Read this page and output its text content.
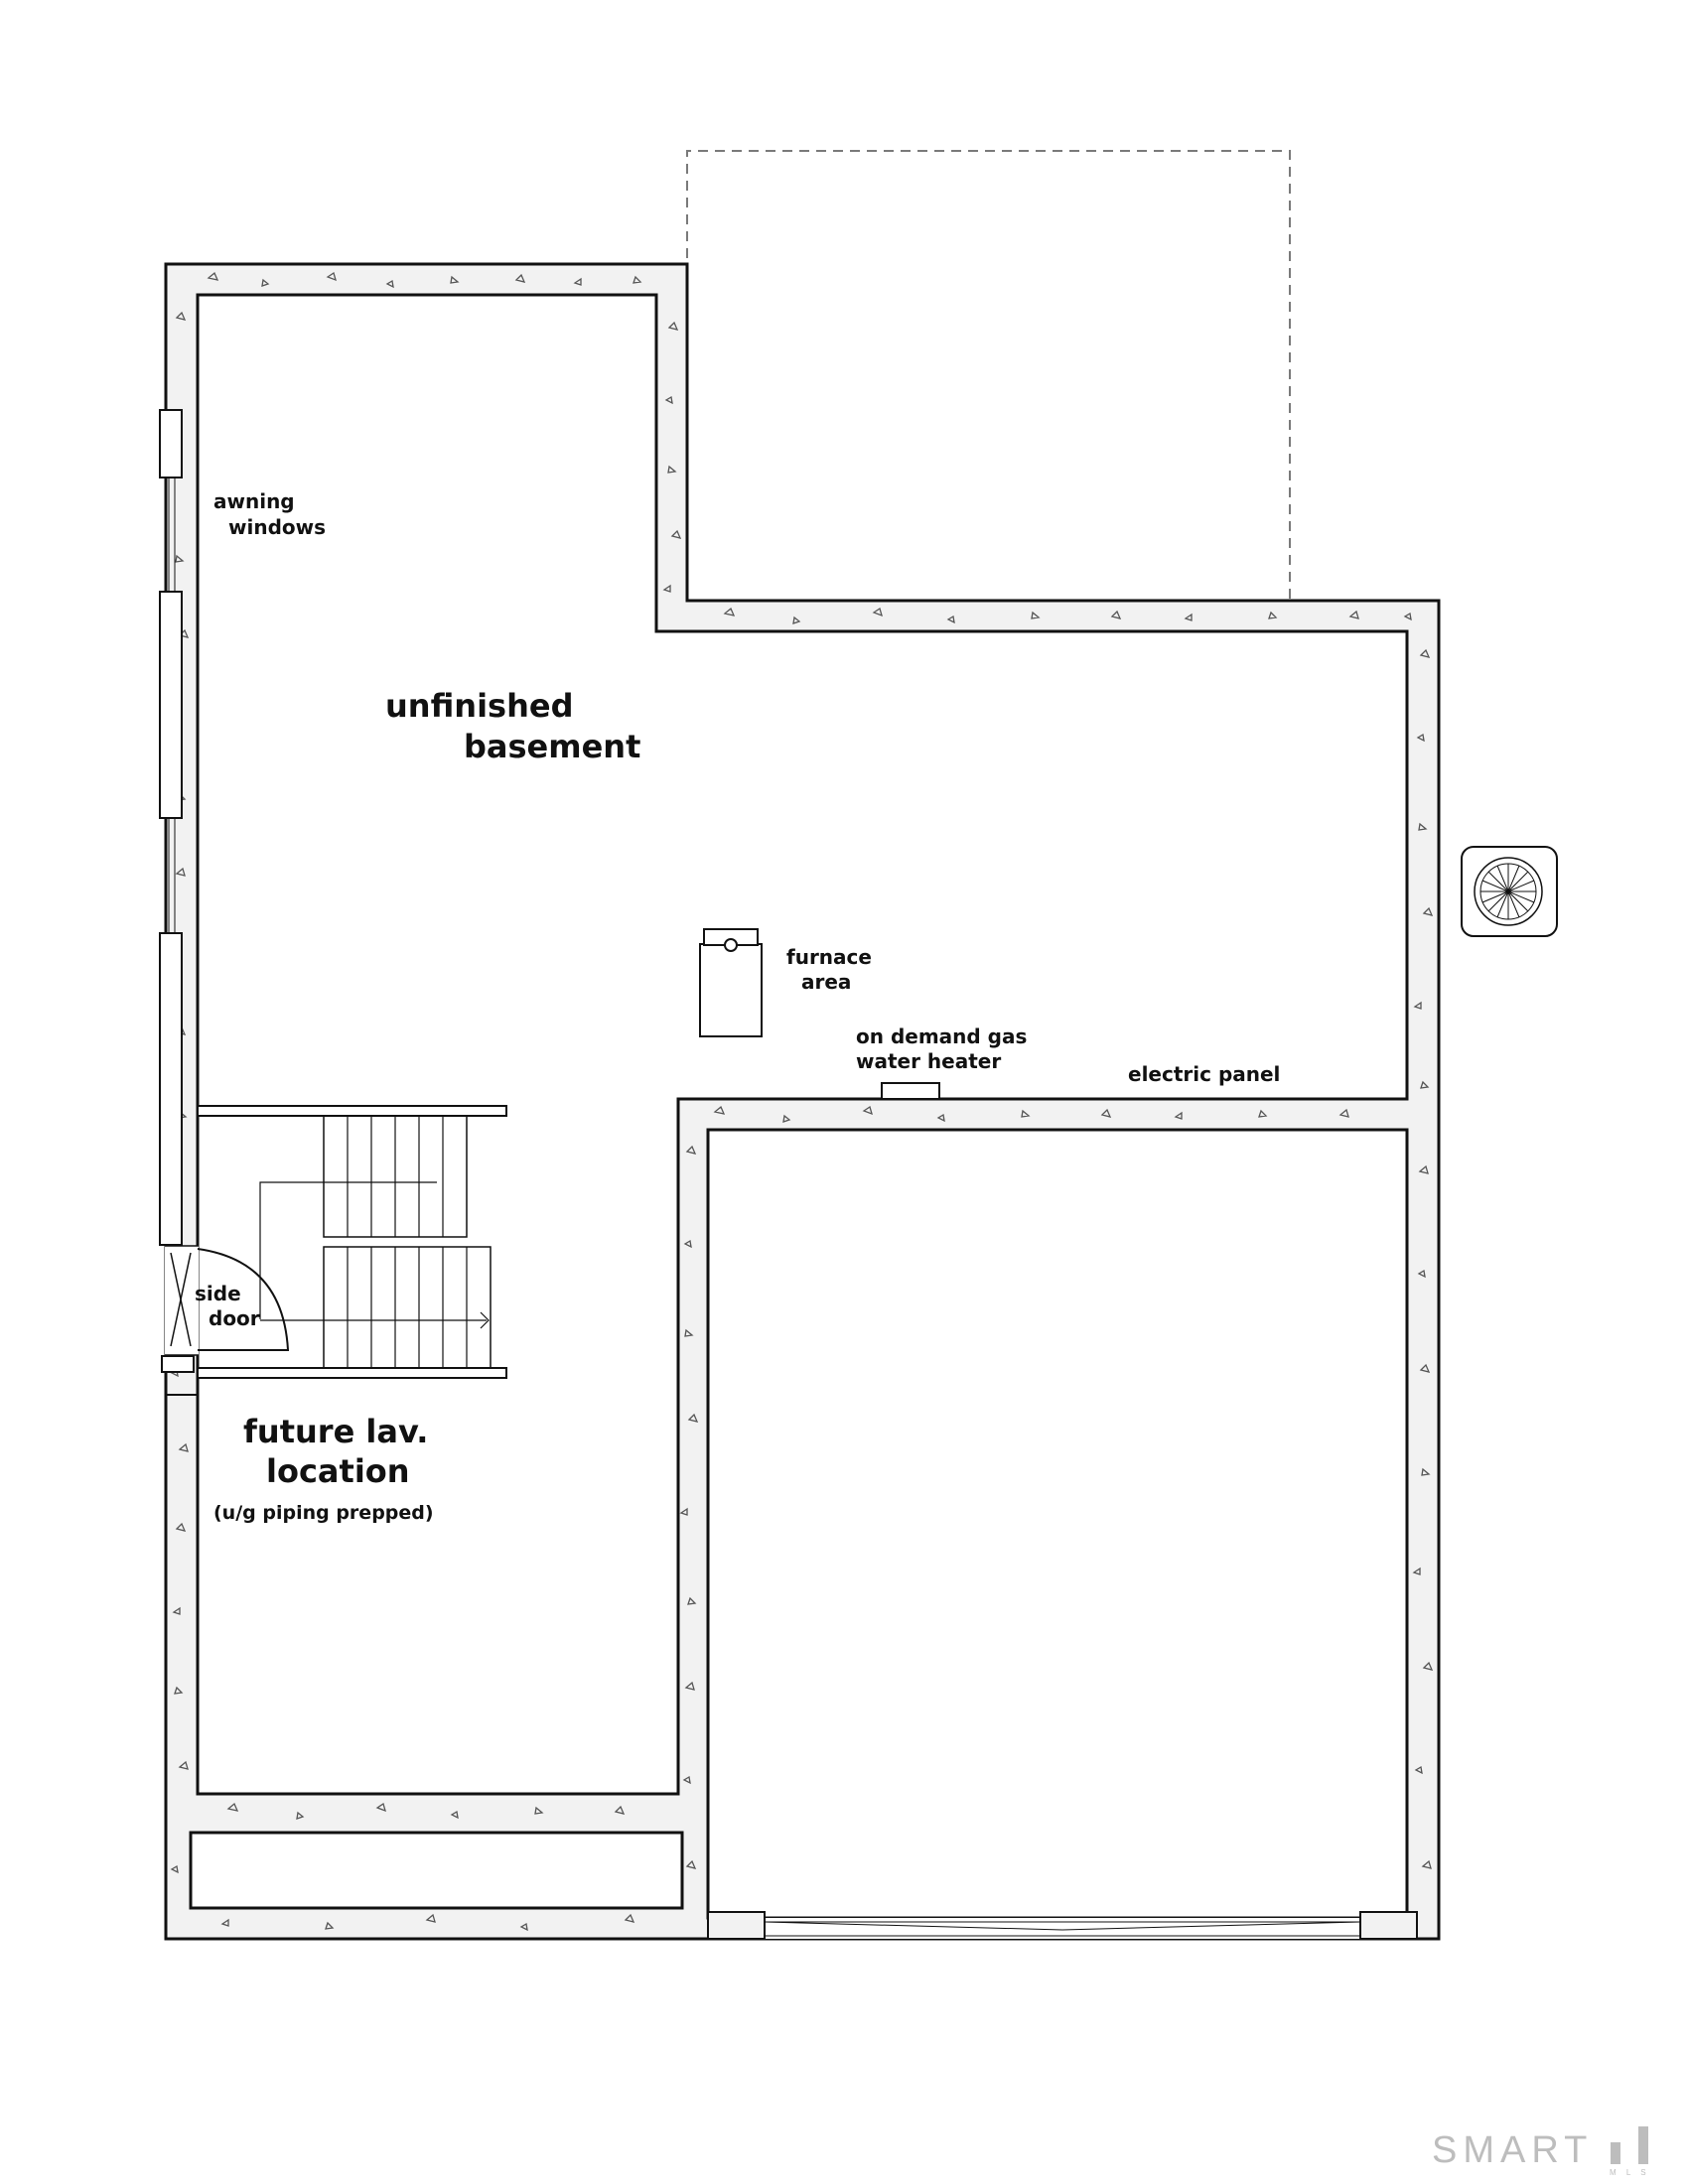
awning
windows
unfinished
basement
furnace
area
on demand gas
water heater
electric panel
side
door
future lav.
location
(u/g piping prepped)
SMART
M L S
